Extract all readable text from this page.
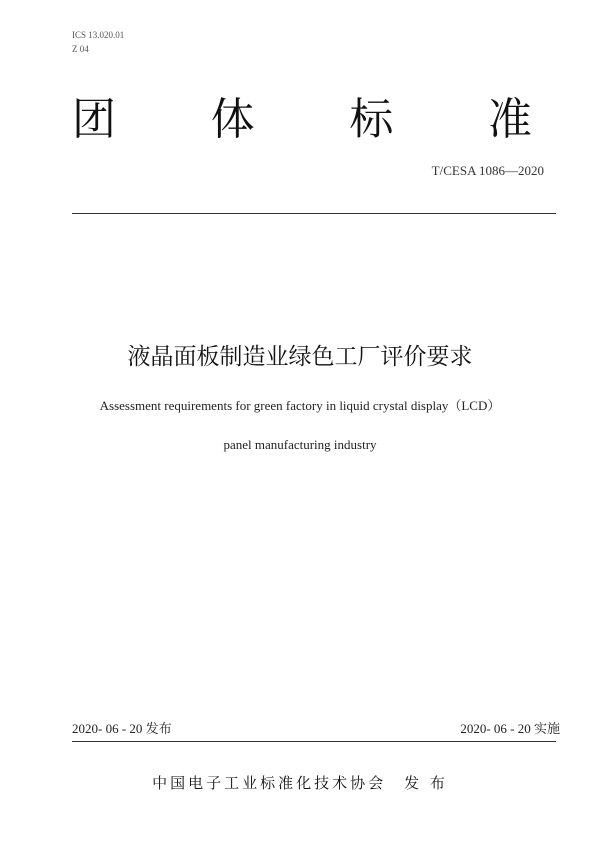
ICS 13.020.01
Z 04
团 体 标 准
T/CESA 1086—2020
液晶面板制造业绿色工厂评价要求
Assessment requirements for green factory in liquid crystal display（LCD）
panel manufacturing industry
2020- 06 - 20 发布	2020- 06 - 20 实施
中国电子工业标准化技术协会 发 布
